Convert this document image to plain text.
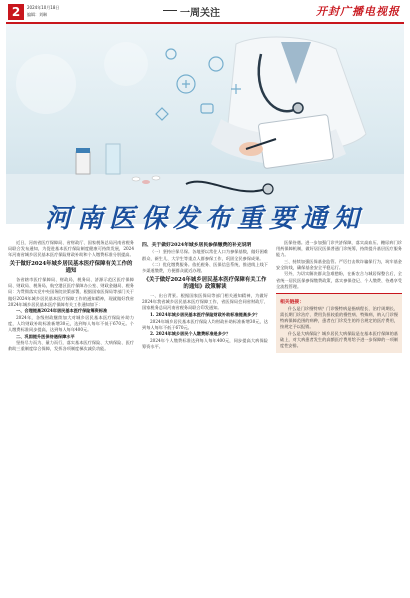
2	2024年10月18日
编辑：刘琳	一周关注	开封广播电视报
河南医保发布重要通知

近日，河南省医疗保障局、省财政厅、国家税务总局河南省税务局联合发布通知，为促进基本医疗保险制度健康可持续发展，2024年河南省城乡居民基本医疗保险财政补助和个人缴费标准分别提高。

关于做好2024年城乡居民基本医疗保障有关工作的通知

各省辖市医疗保障局、财政局，税务局、济源示范区医疗保障局、财政局、税务局，航空港区医疗保障办公室、财政金融局、税务局：为贯彻落实党中央国务院决策部署，根据国家医保局等部门关于做好2024年城乡居民基本医疗保障工作的通知精神，现就做好我省2024年城乡居民基本医疗保障有关工作通知如下：

一、合理提高2024年居民基本医疗保险筹资标准

2024年，各级财政继续加大对城乡居民基本医疗保险补助力度，人均财政补助标准新增30元，达到每人每年不低于670元。个人缴费标准同步提高，达到每人每年400元。

二、巩固提升医保待遇保障水平

坚持尽力而为、量力而行，落实基本医疗保险、大病保险、医疗救助三重制度综合保障，发挥各项制度梯次减负功能。

四、关于做好2024年城乡居民参保缴费的补充说明

（一）坚持应保尽保。各地要以常住人口为参保基数，做好困难群众、新生儿、大学生等重点人群参保工作，巩固全民参保成果。

（二）优化缴费服务。依托税务、医保信息系统，推进线上线下多渠道缴费，方便群众就近办理。

《关于做好2024年城乡居民基本医疗保障有关工作的通知》政策解读

一、出台背景。根据国家医保局等部门相关通知精神，为做好2024年我省城乡居民基本医疗保障工作，省医保局会同省财政厅、国家税务总局河南省税务局联合印发通知。

1. 2024年城乡居民基本医疗保险财政补助标准提高多少？

2024年城乡居民基本医疗保险人均财政补助标准新增30元，达到每人每年不低于670元。

2. 2024年城乡居民个人缴费标准是多少？

2024年个人缴费标准达到每人每年400元，同步提高大病保险筹资水平。

医保待遇。进一步加强门诊共济保障，落实高血压、糖尿病门诊用药保障机制，做好居民医保普通门诊统筹，持续提升基层医疗服务能力。

三、持续加强医保基金监管。严厉打击欺诈骗保行为，筑牢基金安全防线，确保基金安全平稳运行。

另外，为切实解决群众急难愁盼，在新农合与城居保整合后，全省统一居民医保参保缴费政策，落实参保登记、个人缴费、待遇享受全流程管理。

相关链接：

什么是门诊慢特病？门诊慢特病是指病程长、治疗周期长、需长期门诊治疗、费用负担较重的慢性病、特殊病，纳入门诊慢特病保障范围的病种，患者在门诊发生的符合规定的医疗费用，按规定予以报销。

什么是大病保险？城乡居民大病保险是在基本医疗保障的基础上，对大病患者发生的高额医疗费用给予进一步保障的一项制度性安排。
